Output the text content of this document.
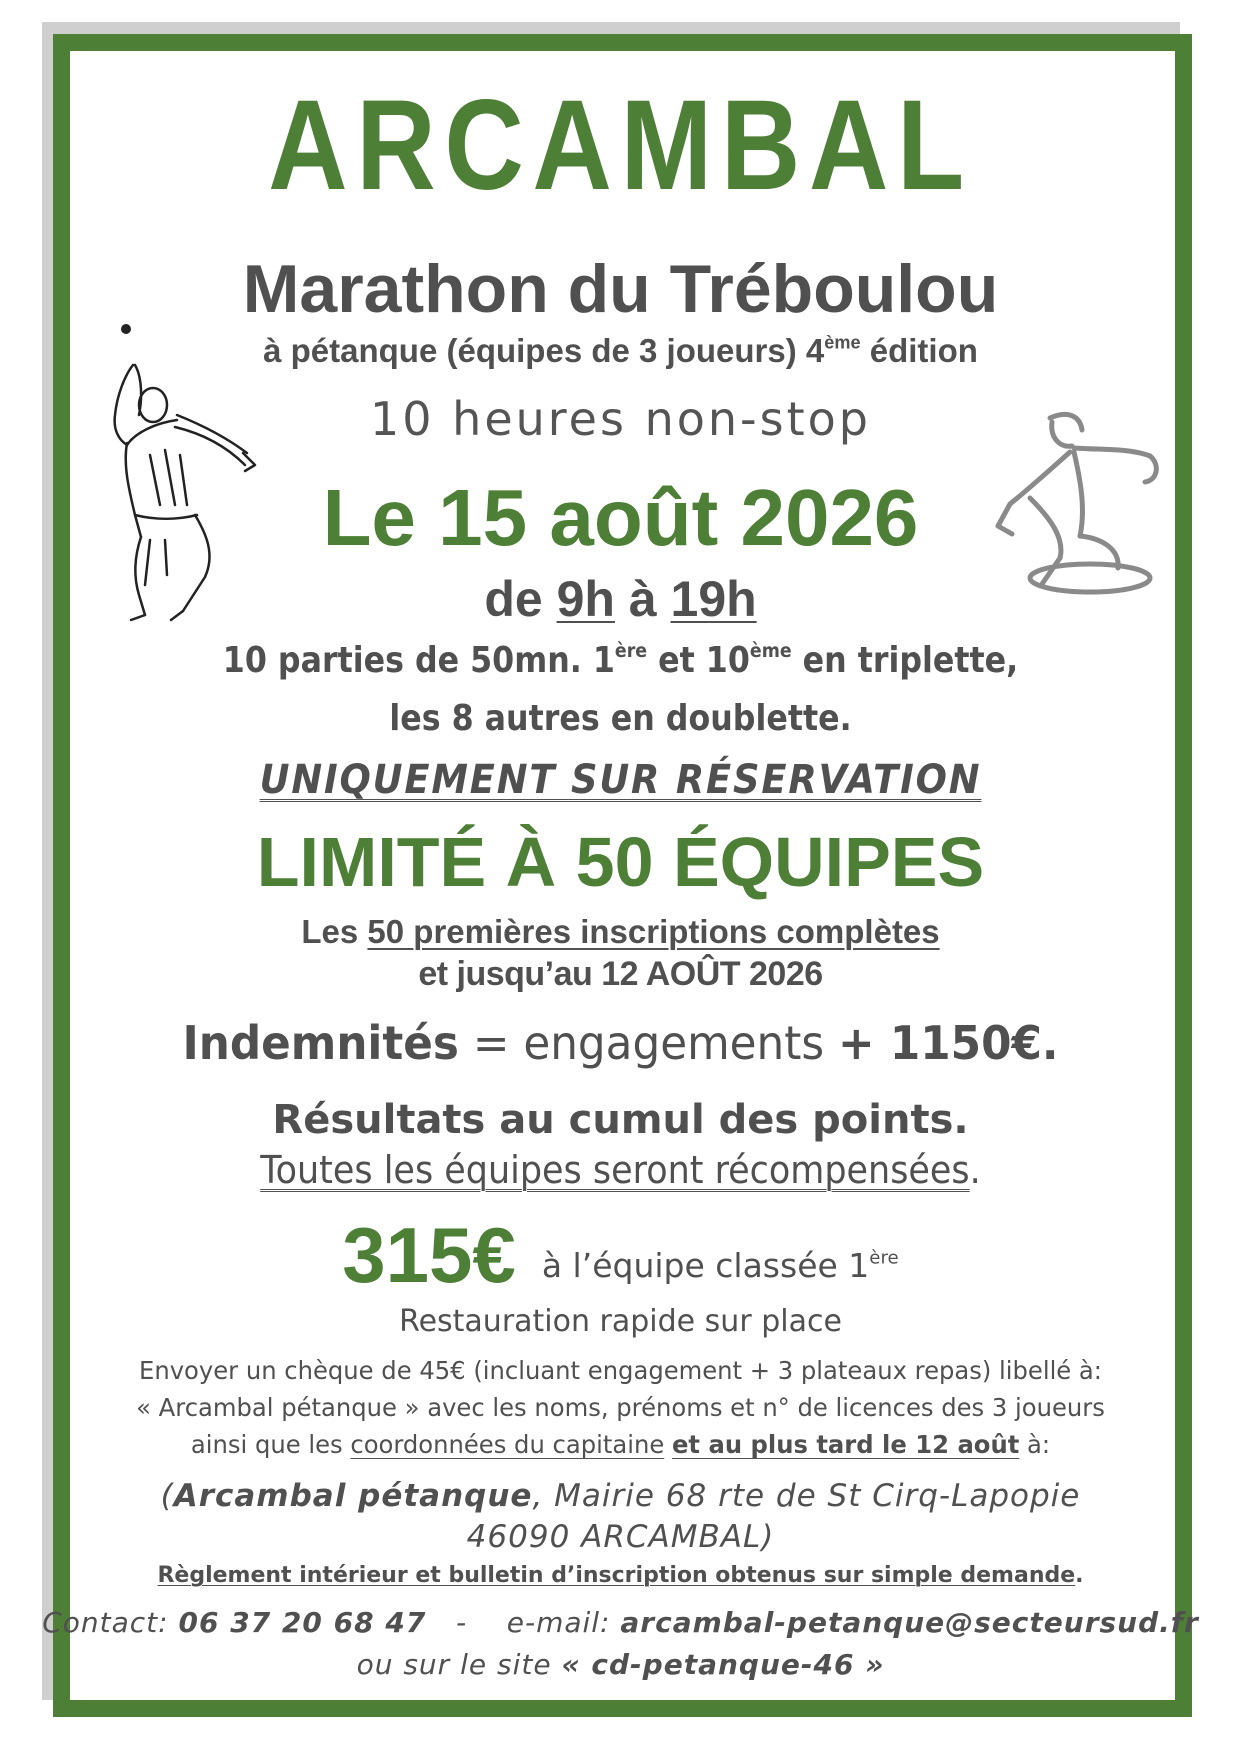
ARCAMBAL
Marathon du Tréboulou
à pétanque (équipes de 3 joueurs) 4ème édition
10 heures non-stop
Le 15 août 2026
de 9h à 19h
10 parties de 50mn. 1ère et 10ème en triplette,
les 8 autres en doublette.
UNIQUEMENT SUR RÉSERVATION
LIMITÉ À 50 ÉQUIPES
Les 50 premières inscriptions complètes
et jusqu’au 12 AOÛT 2026
Indemnités = engagements + 1150€.
Résultats au cumul des points.
Toutes les équipes seront récompensées.
315€ à l’équipe classée 1ère
Restauration rapide sur place
Envoyer un chèque de 45€ (incluant engagement + 3 plateaux repas) libellé à:
« Arcambal pétanque » avec les noms, prénoms et n° de licences des 3 joueurs
ainsi que les coordonnées du capitaine et au plus tard le 12 août à:
(Arcambal pétanque, Mairie 68 rte de St Cirq-Lapopie
46090 ARCAMBAL)
Règlement intérieur et bulletin d’inscription obtenus sur simple demande.
Contact: 06 37 20 68 47   -    e-mail: arcambal-petanque@secteursud.fr
ou sur le site « cd-petanque-46 »
